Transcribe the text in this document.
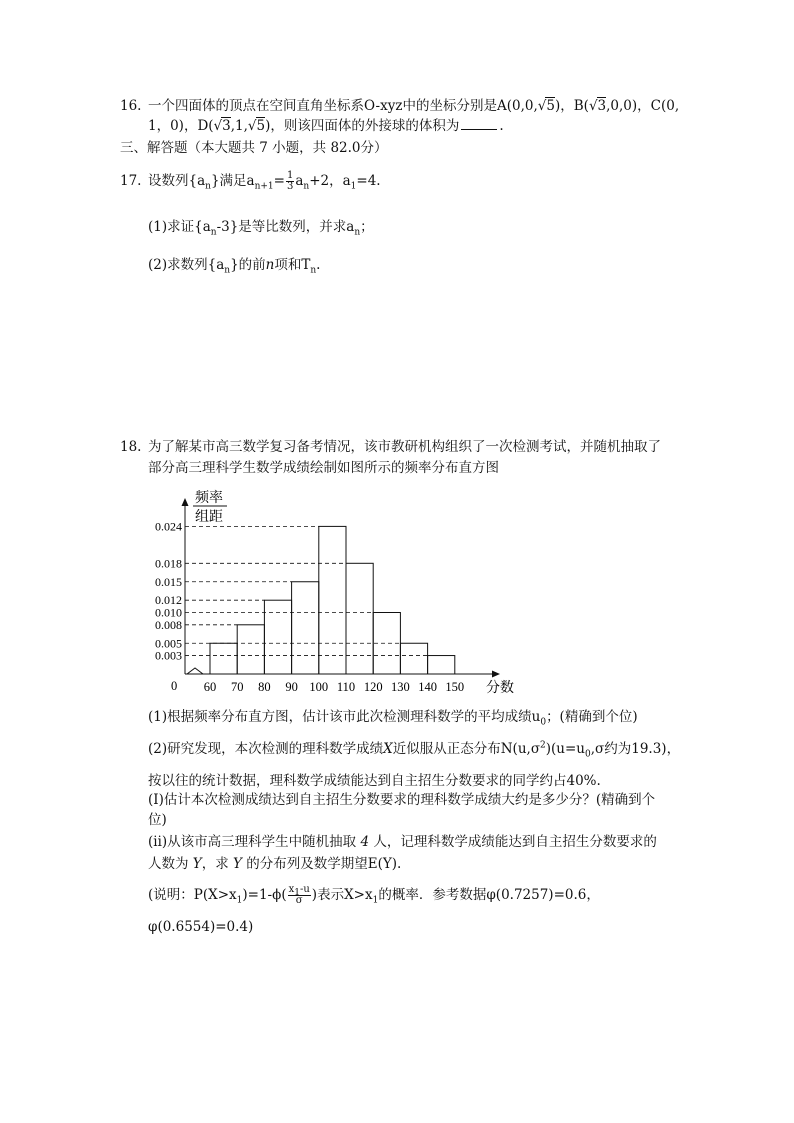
16. 一个四面体的顶点在空间直角坐标系O-xyz中的坐标分别是A(0,0,√5)，B(√3,0,0)，C(0,
1，0)，D(√3,1,√5)，则该四面体的外接球的体积为	.
三、解答题（本大题共 7 小题，共 82.0分）
17. 设数列$\{a_n\}$满足$a_{n+1}= \frac{1}{3} a_n+2$，$a_1=4$.
(1)求证$\{a_n-3\}$是等比数列，并求$a_n$；
(2)求数列$\{a_n\}$的前n项和$T_n$.
18. 为了解某市高三数学复习备考情况，该市教研机构组织了一次检测考试，并随机抽取了
部分高三理科学生数学成绩绘制如图所示的频率分布直方图
频率
组距
分数
0
0.024
0.018
0.015
0.012
0.010
0.008
0.005
0.003
60 70 80 90 100 110 120 130 140 150
(1)根据频率分布直方图，估计该市此次检测理科数学的平均成绩$u_0$；(精确到个位)
(2)研究发现，本次检测的理科数学成绩X近似服从正态分布$N(u,\sigma^2)(u=u_0,\sigma$约为19.3)，
按以往的统计数据，理科数学成绩能达到自主招生分数要求的同学约占40%.
(Ⅰ)估计本次检测成绩达到自主招生分数要求的理科数学成绩大约是多少分？(精确到个
位)
(ⅱ)从该市高三理科学生中随机抽取 4 人，记理科数学成绩能达到自主招生分数要求的
人数为 Y，求 Y 的分布列及数学期望E(Y).
(说明：$P(X>x_1)=1-\phi( \frac{x_1-u}{\sigma}$ )表示$X>x_1$的概率．参考数据φ(0.7257)=0.6，
φ(0.6554)=0.4)
